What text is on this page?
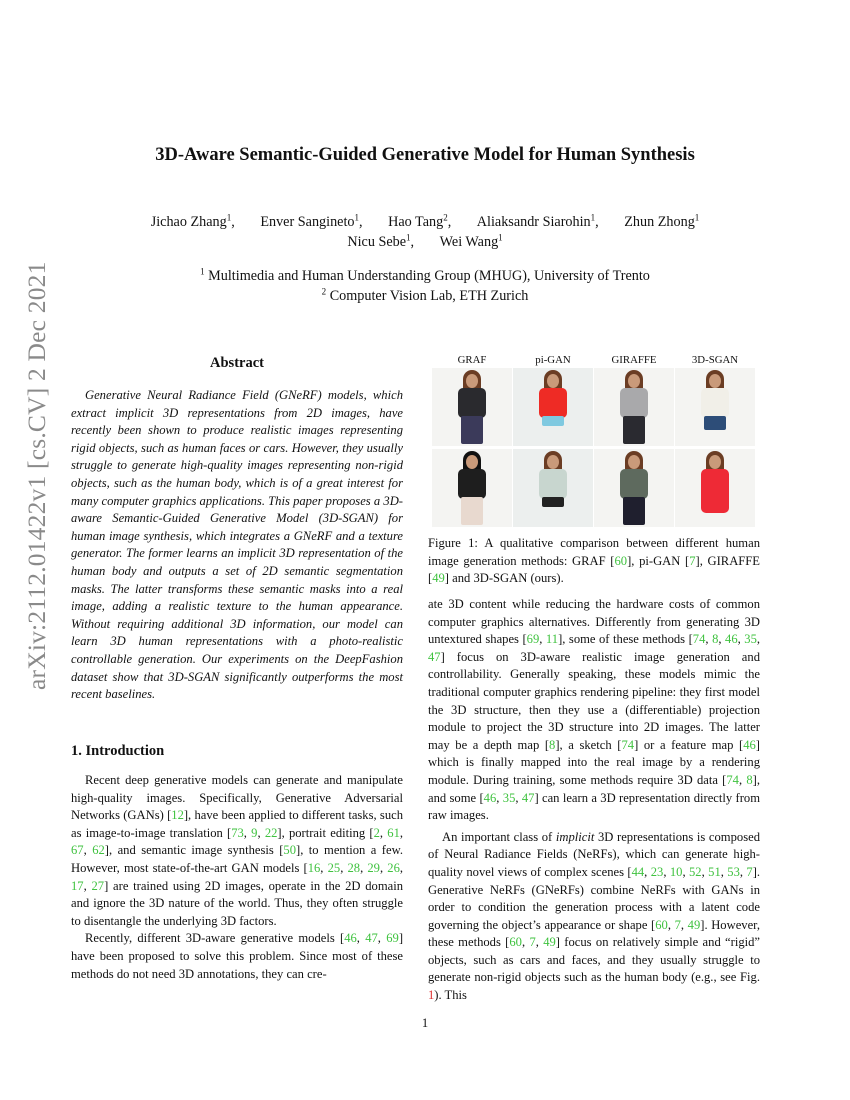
arXiv:2112.01422v1 [cs.CV] 2 Dec 2021
3D-Aware Semantic-Guided Generative Model for Human Synthesis
Jichao Zhang$^1$, Enver Sangineto$^1$, Hao Tang$^2$, Aliaksandr Siarohin$^1$, Zhun Zhong$^1$
Nicu Sebe$^1$, Wei Wang$^1$
$^1$ Multimedia and Human Understanding Group (MHUG), University of Trento
$^2$ Computer Vision Lab, ETH Zurich
Abstract

Generative Neural Radiance Field (GNeRF) models, which extract implicit 3D representations from 2D images, have recently been shown to produce realistic images representing rigid objects, such as human faces or cars. However, they usually struggle to generate high-quality images representing non-rigid objects, such as the human body, which is of a great interest for many computer graphics applications. This paper proposes a 3D-aware Semantic-Guided Generative Model (3D-SGAN) for human image synthesis, which integrates a GNeRF and a texture generator. The former learns an implicit 3D representation of the human body and outputs a set of 2D semantic segmentation masks. The latter transforms these semantic masks into a real image, adding a realistic texture to the human appearance. Without requiring additional 3D information, our model can learn 3D human representations with a photo-realistic controllable generation. Our experiments on the DeepFashion dataset show that 3D-SGAN significantly outperforms the most recent baselines.

1. Introduction

Recent deep generative models can generate and manipulate high-quality images. Specifically, Generative Adversarial Networks (GANs) [12], have been applied to different tasks, such as image-to-image translation [73, 9, 22], portrait editing [2, 61, 67, 62], and semantic image synthesis [50], to mention a few. However, most state-of-the-art GAN models [16, 25, 28, 29, 26, 17, 27] are trained using 2D images, operate in the 2D domain and ignore the 3D nature of the world. Thus, they often struggle to disentangle the underlying 3D factors.

Recently, different 3D-aware generative models [46, 47, 69] have been proposed to solve this problem. Since most of these methods do not need 3D annotations, they can cre-

GRAF	pi-GAN	GIRAFFE	3D-SGAN
Figure 1: A qualitative comparison between different human image generation methods: GRAF [60], pi-GAN [7], GIRAFFE [49] and 3D-SGAN (ours).

ate 3D content while reducing the hardware costs of common computer graphics alternatives. Differently from generating 3D untextured shapes [69, 11], some of these methods [74, 8, 46, 35, 47] focus on 3D-aware realistic image generation and controllability. Generally speaking, these models mimic the traditional computer graphics rendering pipeline: they first model the 3D structure, then they use a (differentiable) projection module to project the 3D structure into 2D images. The latter may be a depth map [8], a sketch [74] or a feature map [46] which is finally mapped into the real image by a rendering module. During training, some methods require 3D data [74, 8], and some [46, 35, 47] can learn a 3D representation directly from raw images.

An important class of implicit 3D representations is composed of Neural Radiance Fields (NeRFs), which can generate high-quality novel views of complex scenes [44, 23, 10, 52, 51, 53, 7]. Generative NeRFs (GNeRFs) combine NeRFs with GANs in order to condition the generation process with a latent code governing the object’s appearance or shape [60, 7, 49]. However, these methods [60, 7, 49] focus on relatively simple and “rigid” objects, such as cars and faces, and they usually struggle to generate non-rigid objects such as the human body (e.g., see Fig. 1). This

1
